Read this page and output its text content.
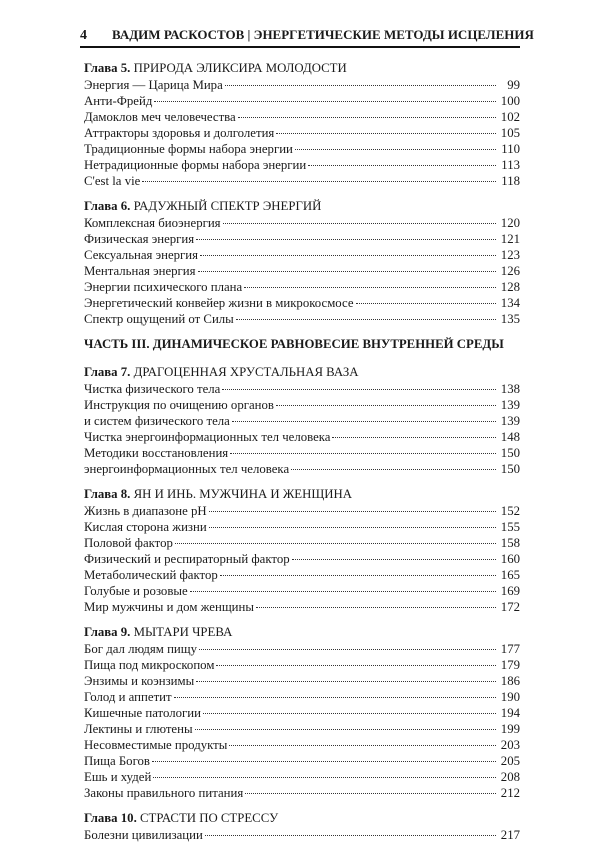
4 ВАДИМ РАСКОСТОВ | ЭНЕРГЕТИЧЕСКИЕ МЕТОДЫ ИСЦЕЛЕНИЯ
Глава 5. ПРИРОДА ЭЛИКСИРА МОЛОДОСТИ
Энергия — Царица Мира	99
Анти-Фрейд	100
Дамоклов меч человечества	102
Аттракторы здоровья и долголетия	105
Традиционные формы набора энергии	110
Нетрадиционные формы набора энергии	113
C'est la vie	118
Глава 6. РАДУЖНЫЙ СПЕКТР ЭНЕРГИЙ
Комплексная биоэнергия	120
Физическая энергия	121
Сексуальная энергия	123
Ментальная энергия	126
Энергии психического плана	128
Энергетический конвейер жизни в микрокосмосе	134
Спектр ощущений от Силы	135
ЧАСТЬ III. ДИНАМИЧЕСКОЕ РАВНОВЕСИЕ ВНУТРЕННЕЙ СРЕДЫ
Глава 7. ДРАГОЦЕННАЯ ХРУСТАЛЬНАЯ ВАЗА
Чистка физического тела	138
Инструкция по очищению органов	139
и систем физического тела	139
Чистка энергоинформационных тел человека	148
Методики восстановления	150
энергоинформационных тел человека	150
Глава 8. ЯН И ИНЬ. МУЖЧИНА И ЖЕНЩИНА
Жизнь в диапазоне pH	152
Кислая сторона жизни	155
Половой фактор	158
Физический и респираторный фактор	160
Метаболический фактор	165
Голубые и розовые	169
Мир мужчины и дом женщины	172
Глава 9. МЫТАРИ ЧРЕВА
Бог дал людям пищу	177
Пища под микроскопом	179
Энзимы и коэнзимы	186
Голод и аппетит	190
Кишечные патологии	194
Лектины и глютены	199
Несовместимые продукты	203
Пища Богов	205
Ешь и худей	208
Законы правильного питания	212
Глава 10. СТРАСТИ ПО СТРЕССУ
Болезни цивилизации	217
